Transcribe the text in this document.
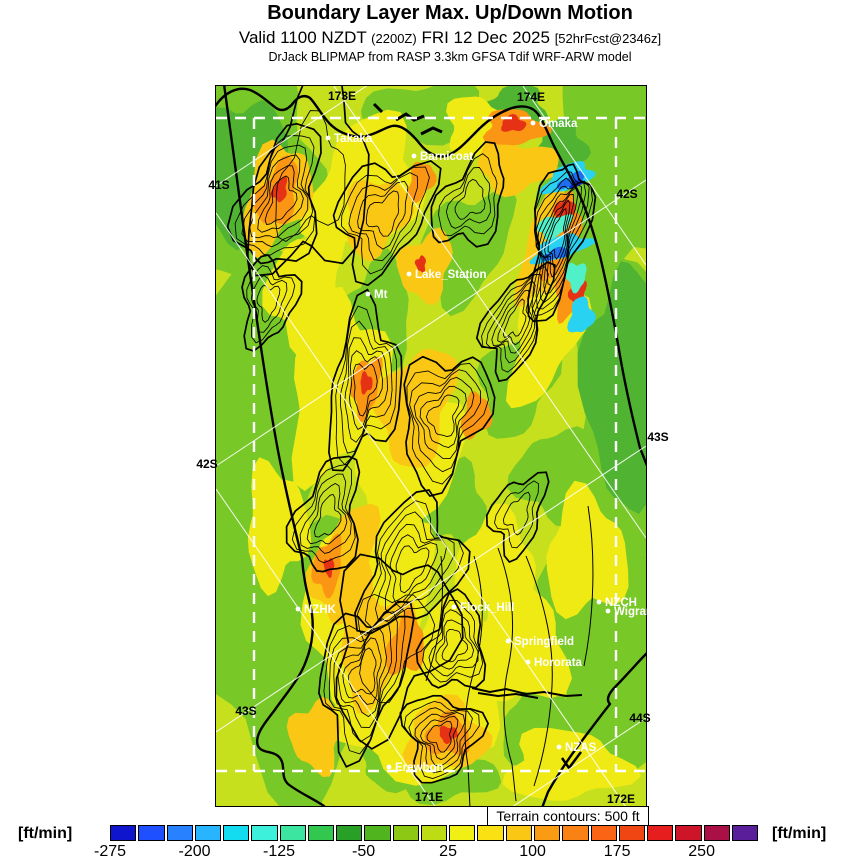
Boundary Layer Max. Up/Down Motion
Valid 1100 NZDT (2200Z) FRI 12 Dec 2025 [52hrFcst@2346z]
DrJack BLIPMAP from RASP 3.3km GFSA Tdif WRF-ARW model
Takaka
Omaka
Barnicoat
Lake_Station
Mt
NZHK	Flock_Hill	NZCH
Wigram
Springfield
Hororata
NZAS
Erewhon
173E	174E
41S
42S
43S
42S
43S
44S
171E	172E
Terrain contours: 500 ft
[ft/min]	[ft/min]
-275	-200	-125	-50	25	100	175	250
